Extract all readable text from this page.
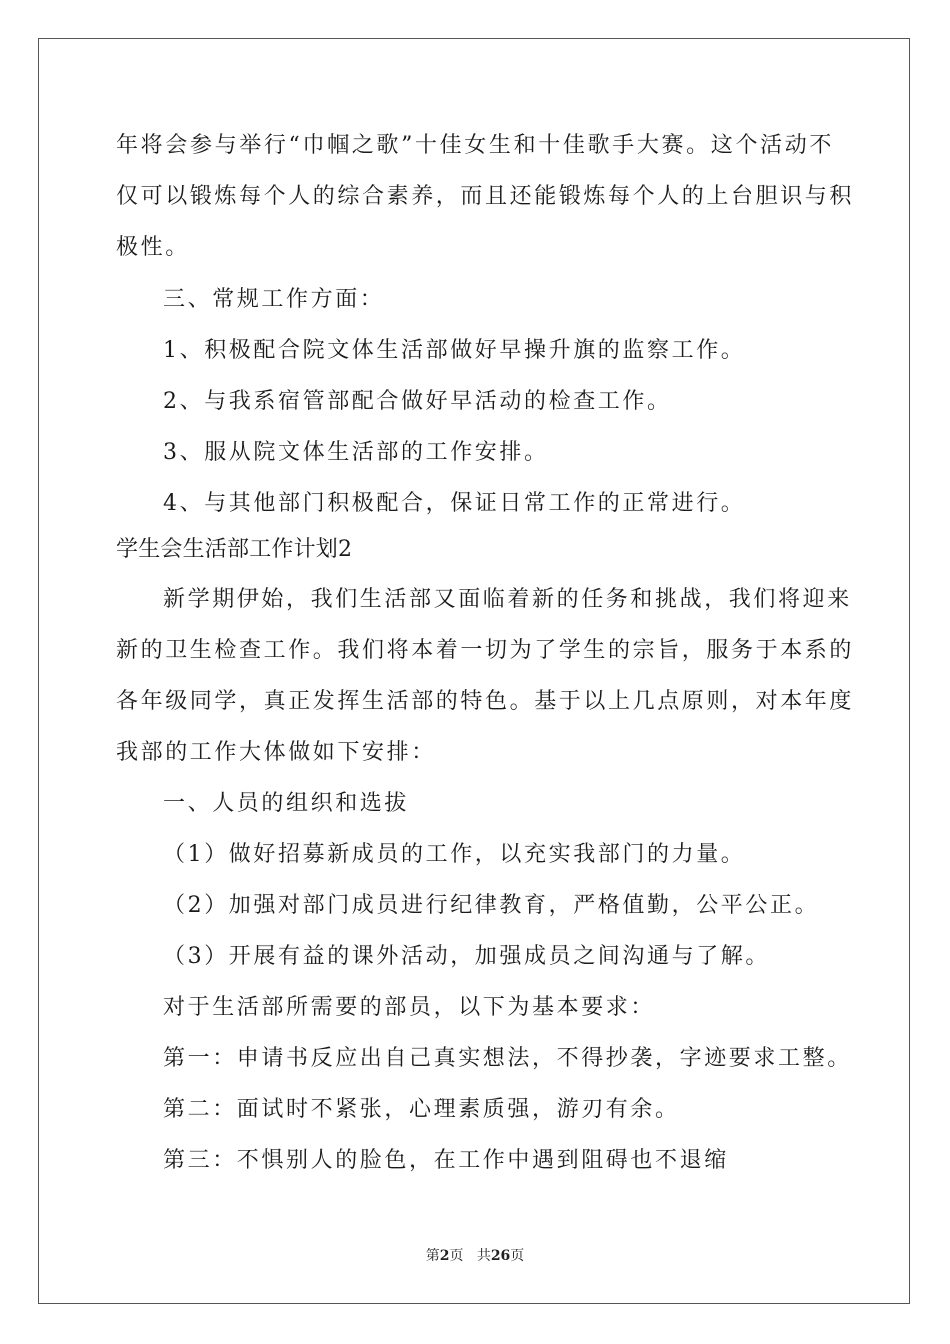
年将会参与举行“巾帼之歌”十佳女生和十佳歌手大赛。这个活动不
仅可以锻炼每个人的综合素养，而且还能锻炼每个人的上台胆识与积
极性。
三、常规工作方面：
1、积极配合院文体生活部做好早操升旗的监察工作。
2、与我系宿管部配合做好早活动的检查工作。
3、服从院文体生活部的工作安排。
4、与其他部门积极配合，保证日常工作的正常进行。
学生会生活部工作计划2
新学期伊始，我们生活部又面临着新的任务和挑战，我们将迎来
新的卫生检查工作。我们将本着一切为了学生的宗旨，服务于本系的
各年级同学，真正发挥生活部的特色。基于以上几点原则，对本年度
我部的工作大体做如下安排：
一、人员的组织和选拔
（1）做好招募新成员的工作，以充实我部门的力量。
（2）加强对部门成员进行纪律教育，严格值勤，公平公正。
（3）开展有益的课外活动，加强成员之间沟通与了解。
对于生活部所需要的部员，以下为基本要求：
第一：申请书反应出自己真实想法，不得抄袭，字迹要求工整。
第二：面试时不紧张，心理素质强，游刃有余。
第三：不惧别人的脸色，在工作中遇到阻碍也不退缩
第2页 共26页
